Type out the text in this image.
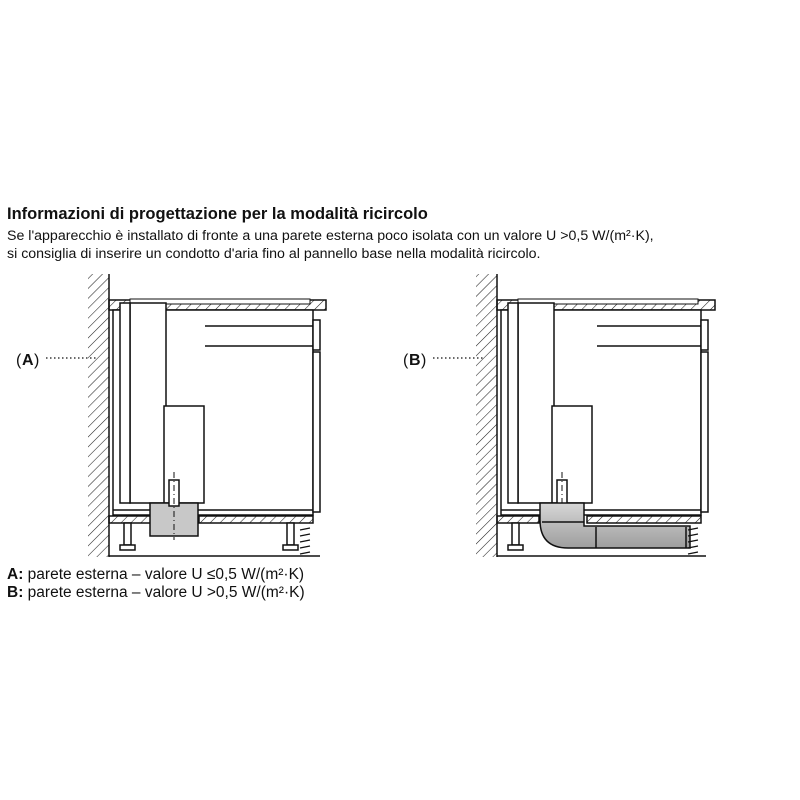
Informazioni di progettazione per la modalità ricircolo
Se l'apparecchio è installato di fronte a una parete esterna poco isolata con un valore U >0,5 W/(m²·K),
si consiglia di inserire un condotto d'aria fino al pannello base nella modalità ricircolo.
( A )	( B )
A: parete esterna – valore U ≤0,5 W/(m²·K)
B: parete esterna – valore U >0,5 W/(m²·K)
